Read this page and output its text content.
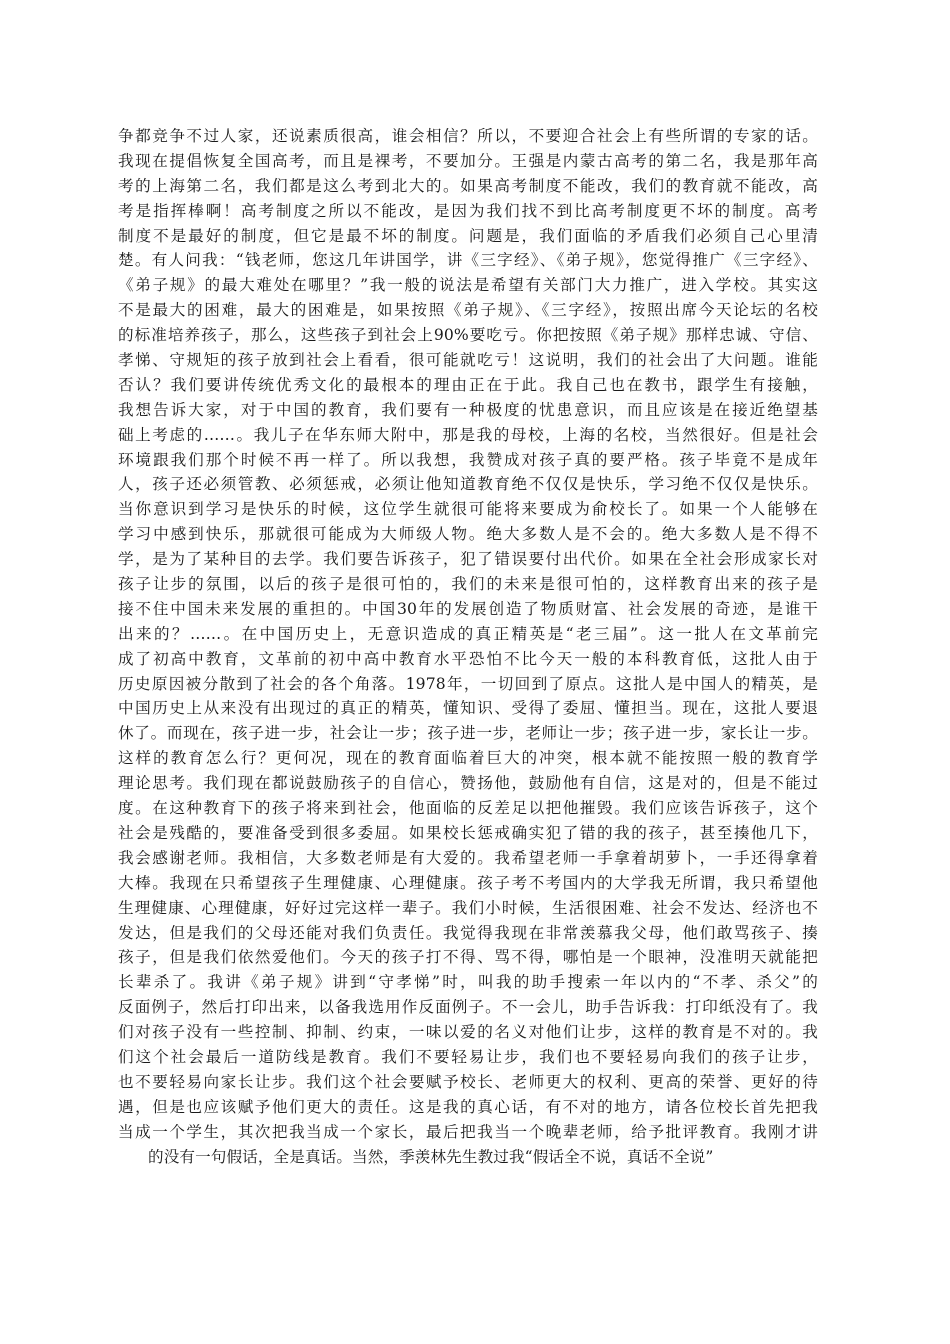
争都竞争不过人家，还说素质很高，谁会相信？所以，不要迎合社会上有些所谓的专家的话。
我现在提倡恢复全国高考，而且是裸考，不要加分。王强是内蒙古高考的第二名，我是那年高
考的上海第二名，我们都是这么考到北大的。如果高考制度不能改，我们的教育就不能改，高
考是指挥棒啊！高考制度之所以不能改，是因为我们找不到比高考制度更不坏的制度。高考
制度不是最好的制度，但它是最不坏的制度。问题是，我们面临的矛盾我们必须自己心里清
楚。有人问我：“钱老师，您这几年讲国学，讲《三字经》、《弟子规》，您觉得推广《三字经》、
《弟子规》的最大难处在哪里？”我一般的说法是希望有关部门大力推广，进入学校。其实这
不是最大的困难，最大的困难是，如果按照《弟子规》、《三字经》，按照出席今天论坛的名校
的标准培养孩子，那么，这些孩子到社会上90%要吃亏。你把按照《弟子规》那样忠诚、守信、
孝悌、守规矩的孩子放到社会上看看，很可能就吃亏！这说明，我们的社会出了大问题。谁能
否认？我们要讲传统优秀文化的最根本的理由正在于此。我自己也在教书，跟学生有接触，
我想告诉大家，对于中国的教育，我们要有一种极度的忧患意识，而且应该是在接近绝望基
础上考虑的……。我儿子在华东师大附中，那是我的母校，上海的名校，当然很好。但是社会
环境跟我们那个时候不再一样了。所以我想，我赞成对孩子真的要严格。孩子毕竟不是成年
人，孩子还必须管教、必须惩戒，必须让他知道教育绝不仅仅是快乐，学习绝不仅仅是快乐。
当你意识到学习是快乐的时候，这位学生就很可能将来要成为俞校长了。如果一个人能够在
学习中感到快乐，那就很可能成为大师级人物。绝大多数人是不会的。绝大多数人是不得不
学，是为了某种目的去学。我们要告诉孩子，犯了错误要付出代价。如果在全社会形成家长对
孩子让步的氛围，以后的孩子是很可怕的，我们的未来是很可怕的，这样教育出来的孩子是
接不住中国未来发展的重担的。中国30年的发展创造了物质财富、社会发展的奇迹，是谁干
出来的？……。在中国历史上，无意识造成的真正精英是“老三届”。这一批人在文革前完
成了初高中教育，文革前的初中高中教育水平恐怕不比今天一般的本科教育低，这批人由于
历史原因被分散到了社会的各个角落。1978年，一切回到了原点。这批人是中国人的精英，是
中国历史上从来没有出现过的真正的精英，懂知识、受得了委屈、懂担当。现在，这批人要退
休了。而现在，孩子进一步，社会让一步；孩子进一步，老师让一步；孩子进一步，家长让一步。
这样的教育怎么行？更何况，现在的教育面临着巨大的冲突，根本就不能按照一般的教育学
理论思考。我们现在都说鼓励孩子的自信心，赞扬他，鼓励他有自信，这是对的，但是不能过
度。在这种教育下的孩子将来到社会，他面临的反差足以把他摧毁。我们应该告诉孩子，这个
社会是残酷的，要准备受到很多委屈。如果校长惩戒确实犯了错的我的孩子，甚至揍他几下，
我会感谢老师。我相信，大多数老师是有大爱的。我希望老师一手拿着胡萝卜，一手还得拿着
大棒。我现在只希望孩子生理健康、心理健康。孩子考不考国内的大学我无所谓，我只希望他
生理健康、心理健康，好好过完这样一辈子。我们小时候，生活很困难、社会不发达、经济也不
发达，但是我们的父母还能对我们负责任。我觉得我现在非常羡慕我父母，他们敢骂孩子、揍
孩子，但是我们依然爱他们。今天的孩子打不得、骂不得，哪怕是一个眼神，没准明天就能把
长辈杀了。我讲《弟子规》讲到“守孝悌”时，叫我的助手搜索一年以内的“不孝、杀父”的
反面例子，然后打印出来，以备我选用作反面例子。不一会儿，助手告诉我：打印纸没有了。我
们对孩子没有一些控制、抑制、约束，一味以爱的名义对他们让步，这样的教育是不对的。我
们这个社会最后一道防线是教育。我们不要轻易让步，我们也不要轻易向我们的孩子让步，
也不要轻易向家长让步。我们这个社会要赋予校长、老师更大的权利、更高的荣誉、更好的待
遇，但是也应该赋予他们更大的责任。这是我的真心话，有不对的地方，请各位校长首先把我
当成一个学生，其次把我当成一个家长，最后把我当一个晚辈老师，给予批评教育。我刚才讲
的没有一句假话，全是真话。当然，季羡林先生教过我“假话全不说，真话不全说”
